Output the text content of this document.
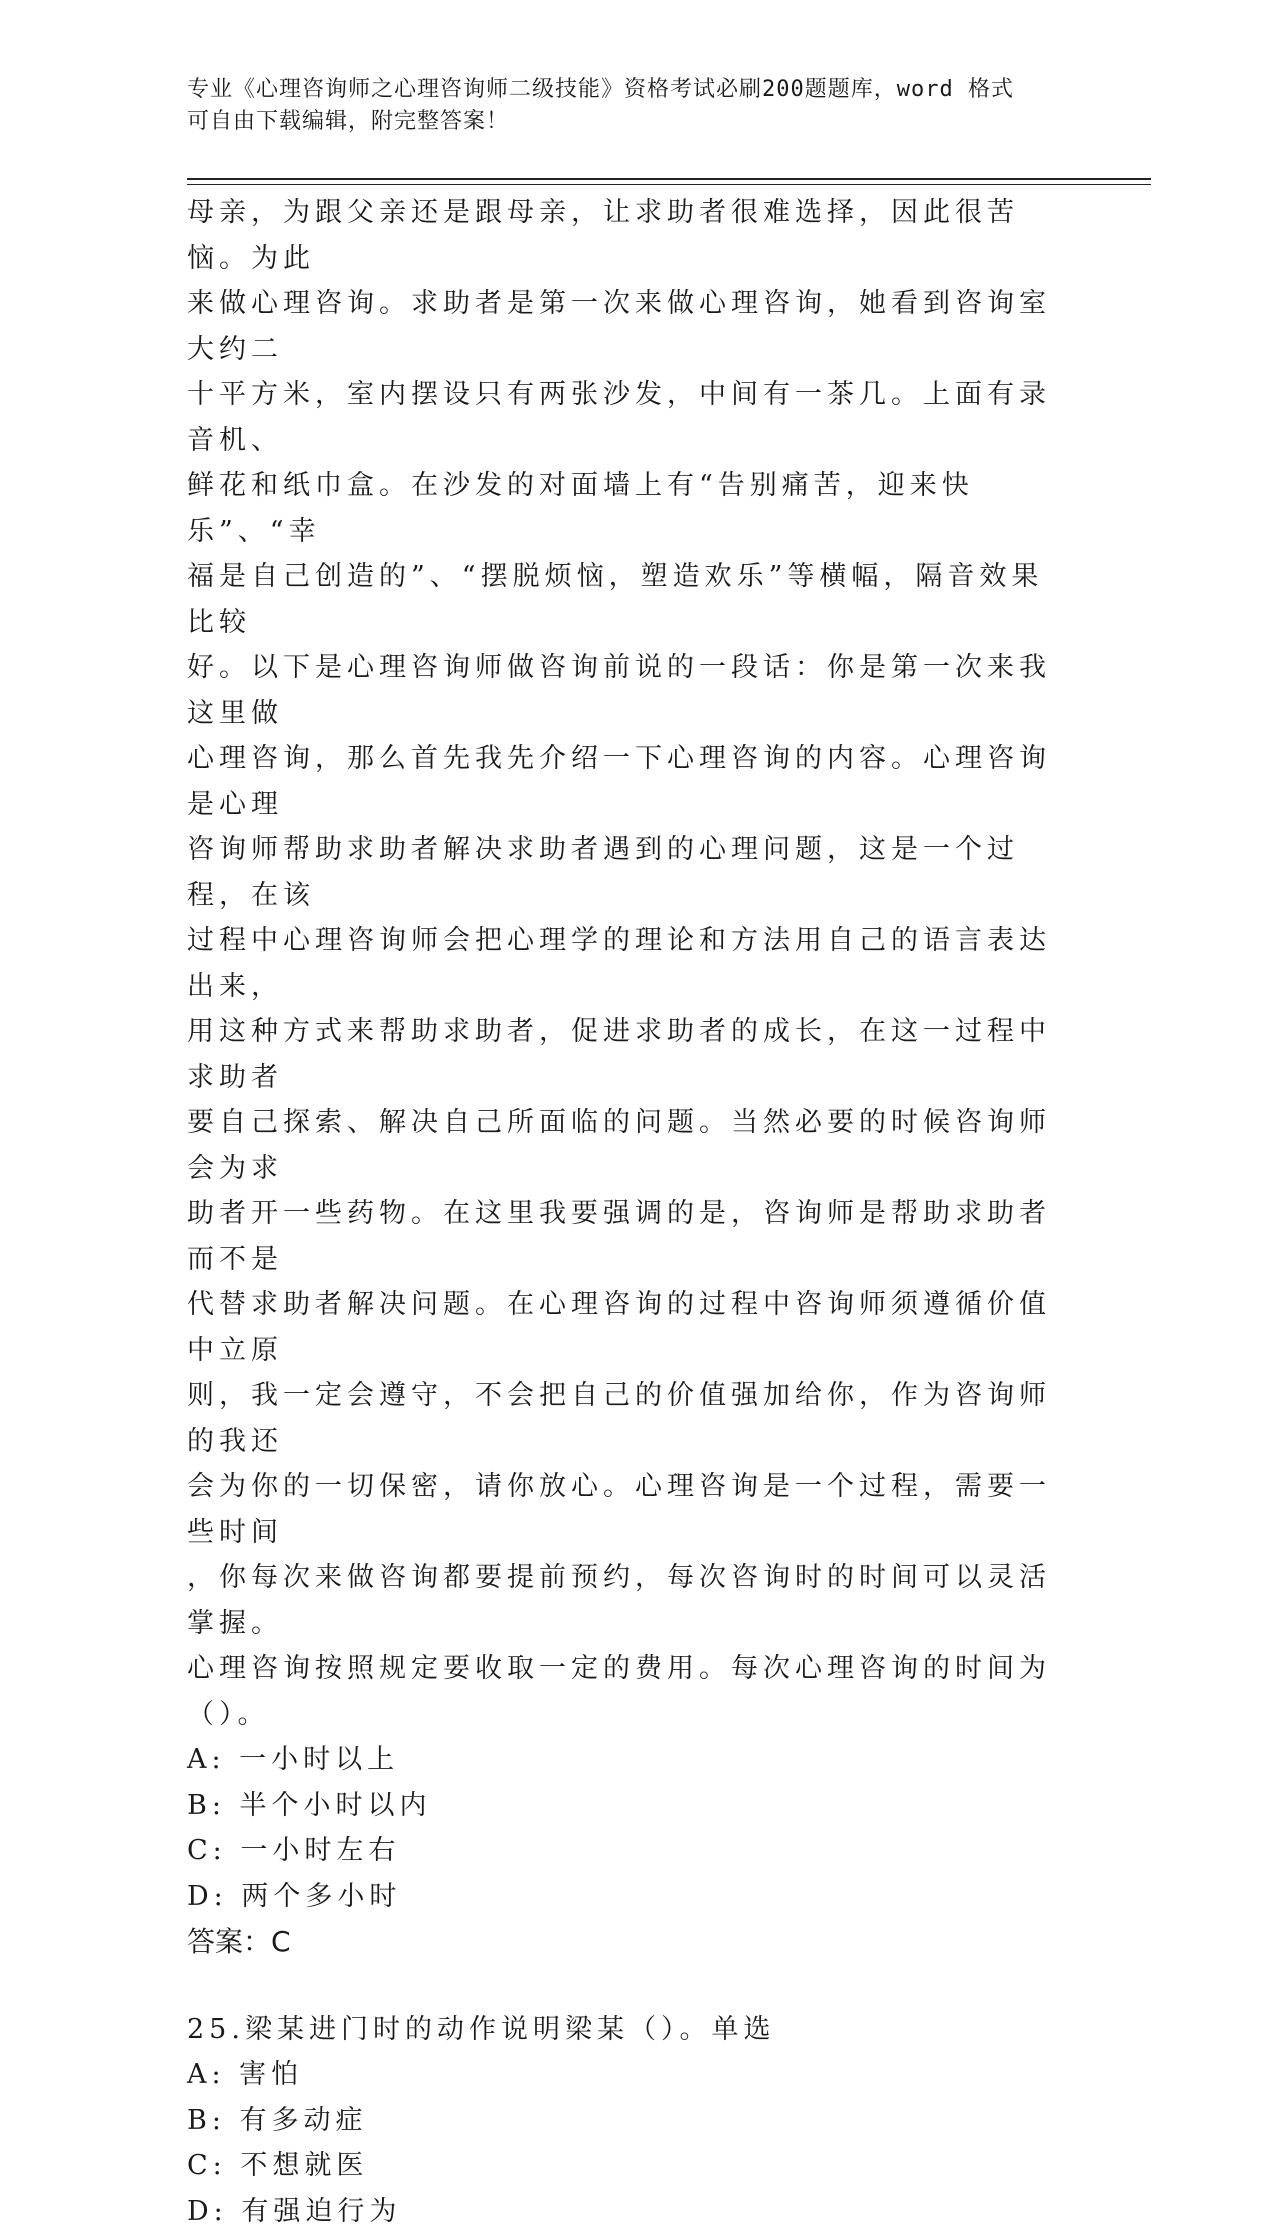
专业《心理咨询师之心理咨询师二级技能》资格考试必刷200题题库，word 格式
可自由下载编辑，附完整答案！

母亲，为跟父亲还是跟母亲，让求助者很难选择，因此很苦恼。为此

来做心理咨询。求助者是第一次来做心理咨询，她看到咨询室大约二

十平方米，室内摆设只有两张沙发，中间有一茶几。上面有录音机、

鲜花和纸巾盒。在沙发的对面墙上有“告别痛苦，迎来快乐”、“幸

福是自己创造的”、“摆脱烦恼，塑造欢乐”等横幅，隔音效果比较

好。以下是心理咨询师做咨询前说的一段话：你是第一次来我这里做

心理咨询，那么首先我先介绍一下心理咨询的内容。心理咨询是心理

咨询师帮助求助者解决求助者遇到的心理问题，这是一个过程，在该

过程中心理咨询师会把心理学的理论和方法用自己的语言表达出来，

用这种方式来帮助求助者，促进求助者的成长，在这一过程中求助者

要自己探索、解决自己所面临的问题。当然必要的时候咨询师会为求

助者开一些药物。在这里我要强调的是，咨询师是帮助求助者而不是

代替求助者解决问题。在心理咨询的过程中咨询师须遵循价值中立原

则，我一定会遵守，不会把自己的价值强加给你，作为咨询师的我还

会为你的一切保密，请你放心。心理咨询是一个过程，需要一些时间

，你每次来做咨询都要提前预约，每次咨询时的时间可以灵活掌握。

心理咨询按照规定要收取一定的费用。每次心理咨询的时间为（）。

A: 一小时以上

B: 半个小时以内

C: 一小时左右

D: 两个多小时

答案：C

25.梁某进门时的动作说明梁某（）。单选

A: 害怕

B: 有多动症

C: 不想就医

D: 有强迫行为
